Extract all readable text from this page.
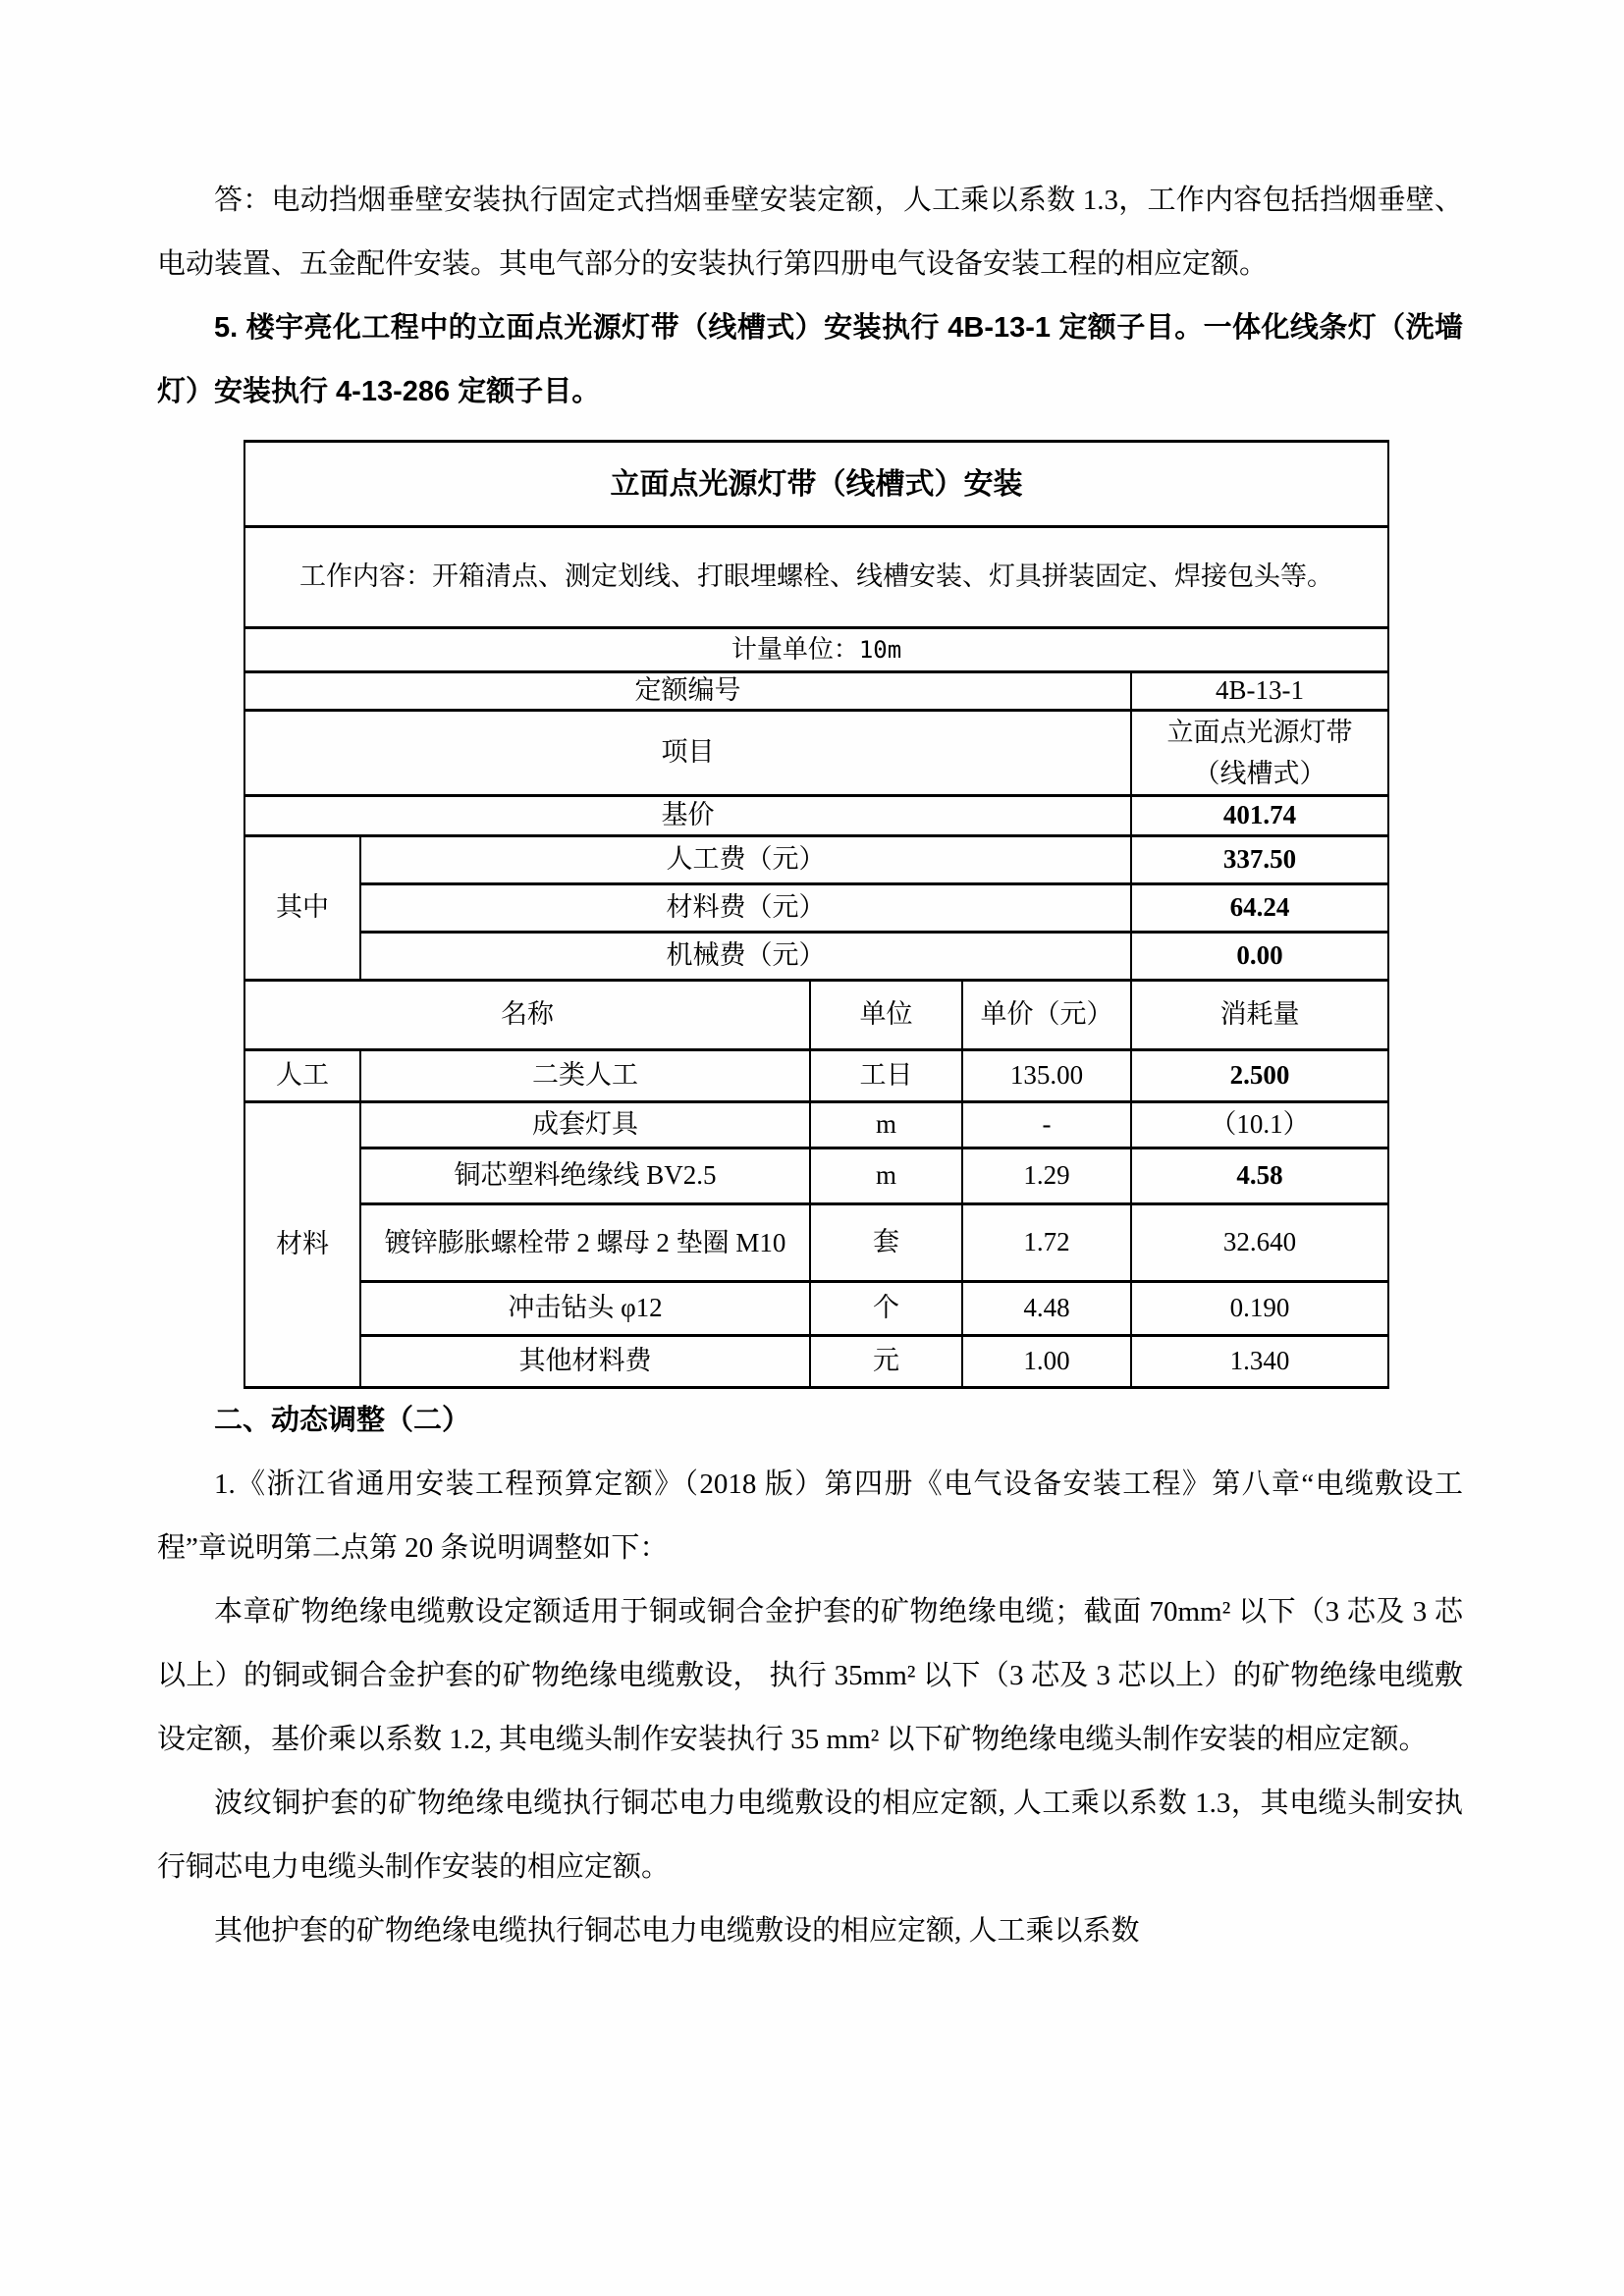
答：电动挡烟垂壁安装执行固定式挡烟垂壁安装定额，人工乘以系数 1.3，工作内容包括挡烟垂壁、电动装置、五金配件安装。其电气部分的安装执行第四册电气设备安装工程的相应定额。

5. 楼宇亮化工程中的立面点光源灯带（线槽式）安装执行 4B-13-1 定额子目。一体化线条灯（洗墙灯）安装执行 4-13-286 定额子目。

立面点光源灯带（线槽式）安装				
工作内容：开箱清点、测定划线、打眼埋螺栓、线槽安装、灯具拼装固定、焊接包头等。				
计量单位：10m				
定额编号				4B-13-1
项目				立面点光源灯带
（线槽式）

基价				401.74
其中	人工费（元）			337.50
	材料费（元）			64.24
	机械费（元）			0.00
名称		单位	单价（元）	消耗量
人工	二类人工	工日	135.00	2.500
材料	成套灯具	m	-	（10.1）
	铜芯塑料绝缘线 BV2.5	m	1.29	4.58
	镀锌膨胀螺栓带 2 螺母 2 垫圈 M10	套	1.72	32.640
	冲击钻头 φ12	个	4.48	0.190
	其他材料费	元	1.00	1.340

二、动态调整（二）

1.《浙江省通用安装工程预算定额》（2018 版）第四册《电气设备安装工程》第八章“电缆敷设工程”章说明第二点第 20 条说明调整如下：

本章矿物绝缘电缆敷设定额适用于铜或铜合金护套的矿物绝缘电缆；截面 70mm² 以下（3 芯及 3 芯以上）的铜或铜合金护套的矿物绝缘电缆敷设， 执行 35mm² 以下（3 芯及 3 芯以上）的矿物绝缘电缆敷设定额，基价乘以系数 1.2, 其电缆头制作安装执行 35 mm² 以下矿物绝缘电缆头制作安装的相应定额。

波纹铜护套的矿物绝缘电缆执行铜芯电力电缆敷设的相应定额, 人工乘以系数 1.3，其电缆头制安执行铜芯电力电缆头制作安装的相应定额。

其他护套的矿物绝缘电缆执行铜芯电力电缆敷设的相应定额, 人工乘以系数
